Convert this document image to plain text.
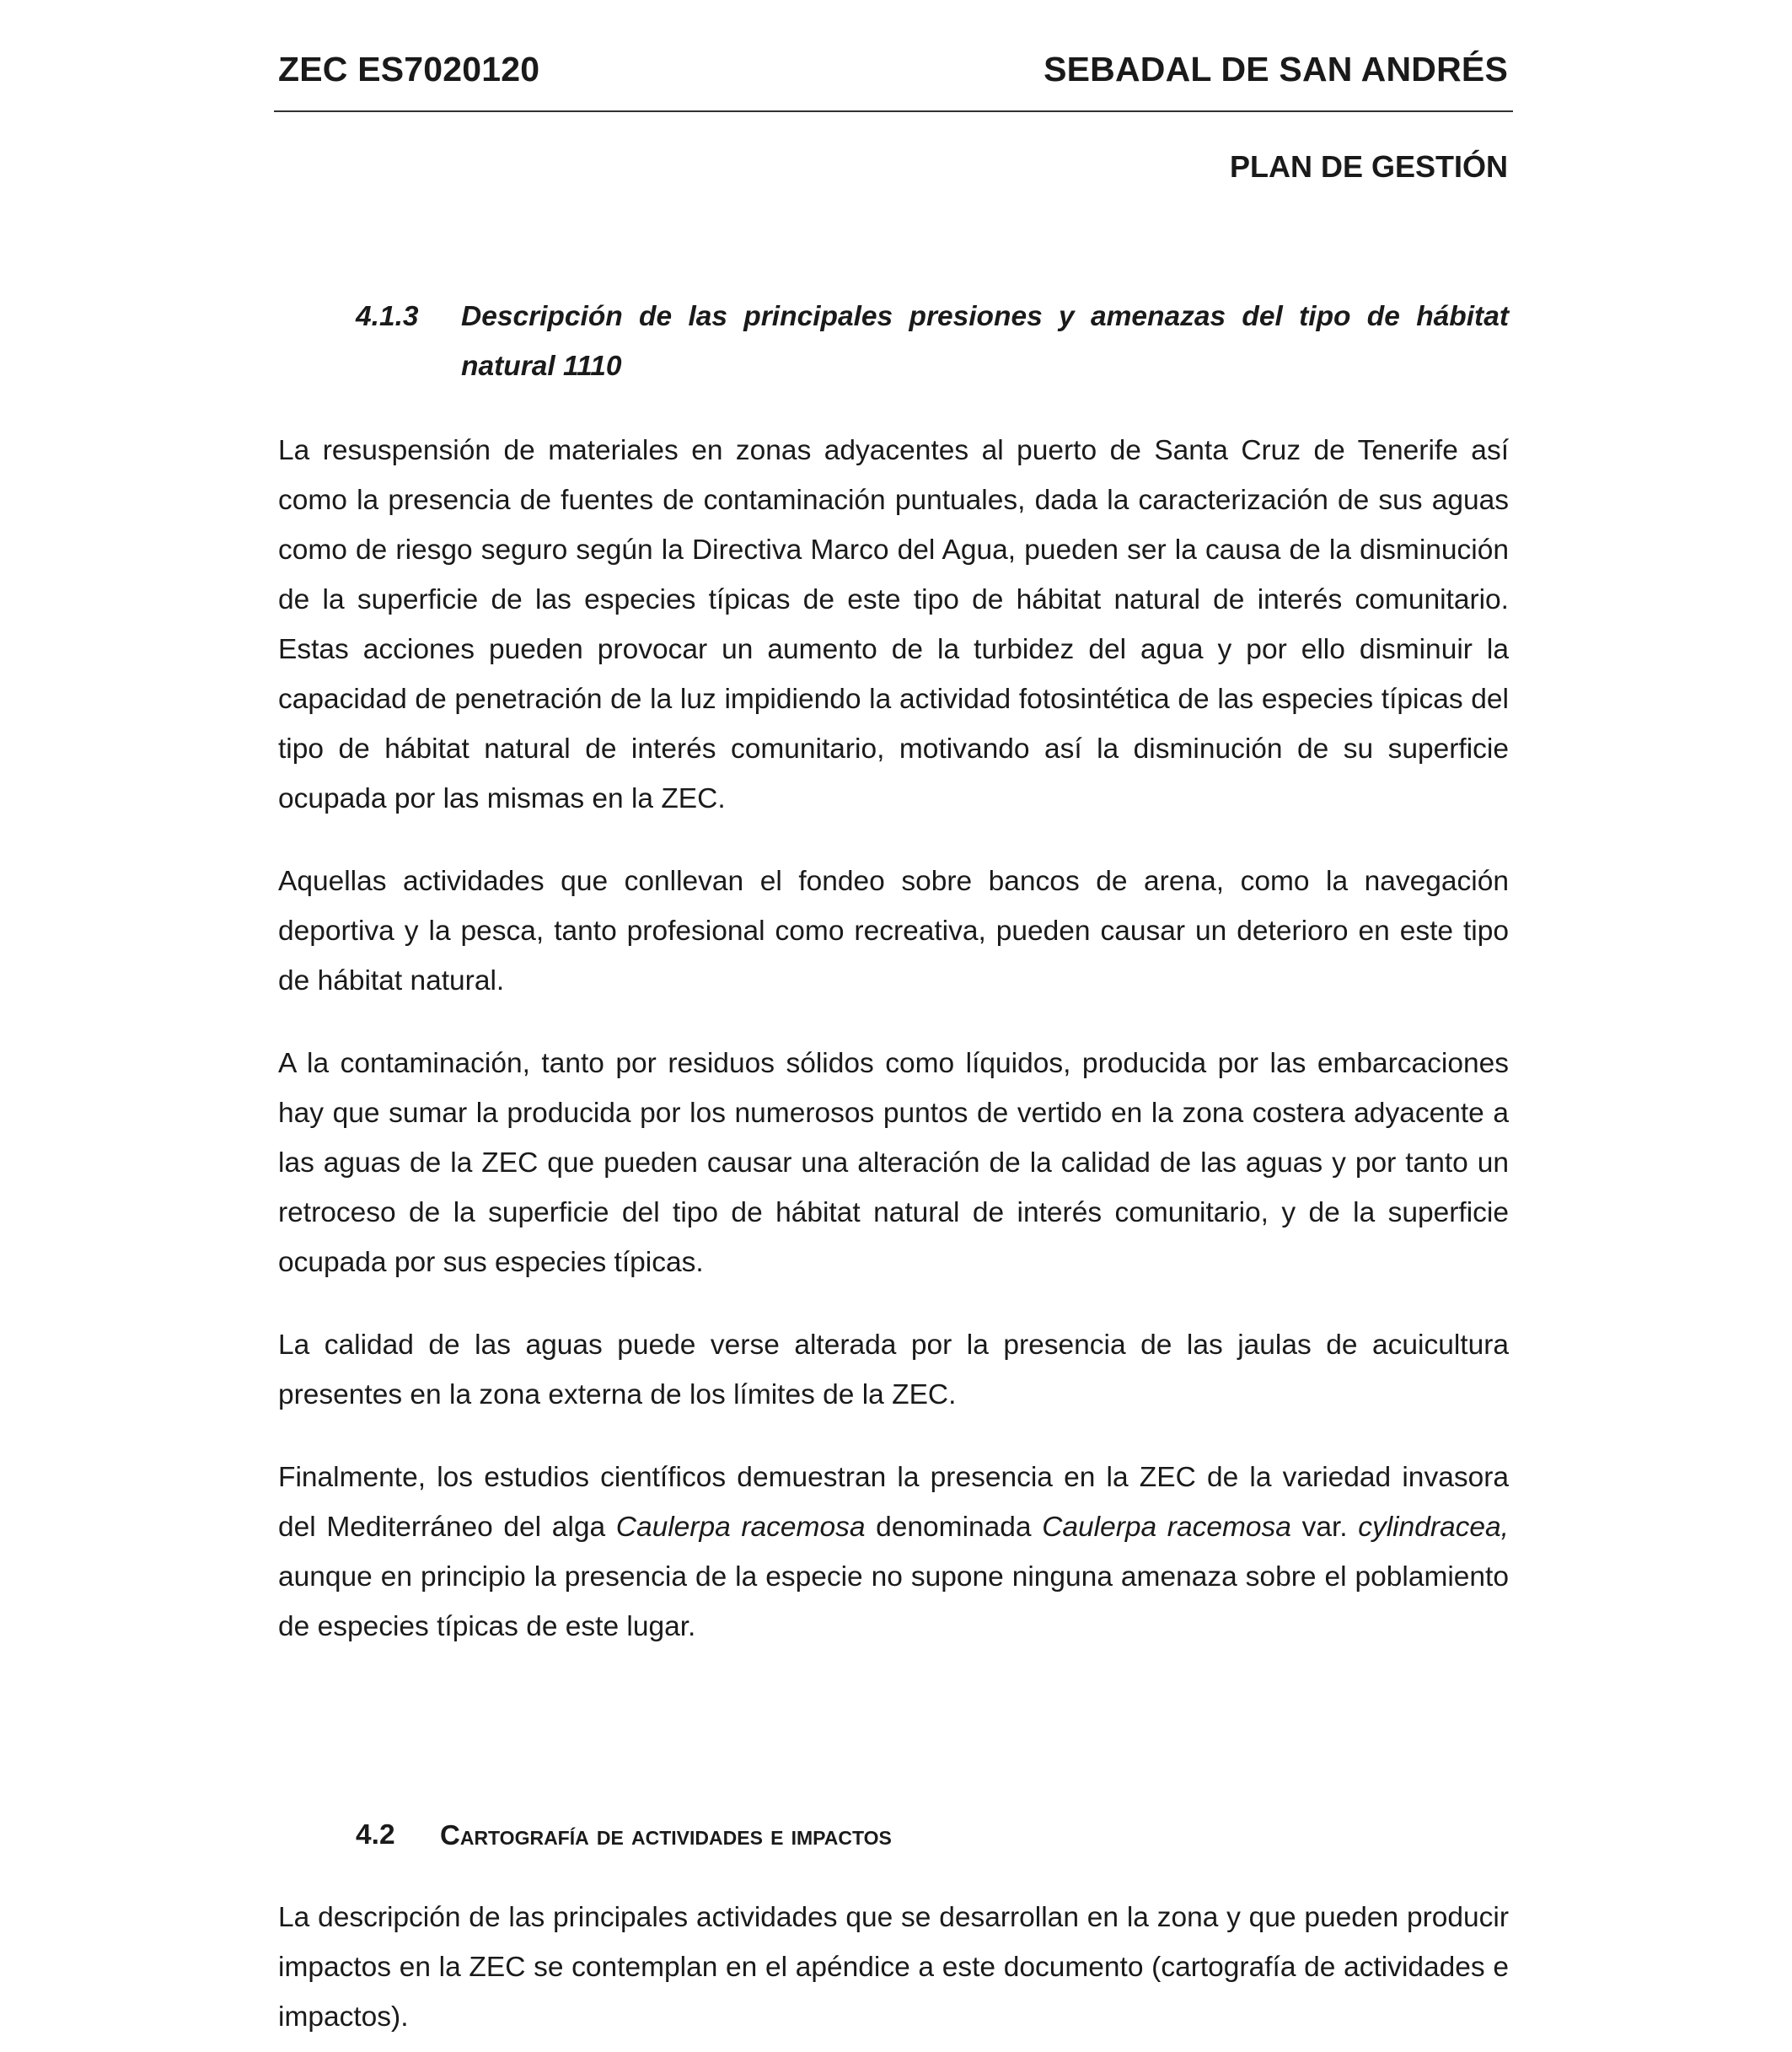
ZEC ES7020120	SEBADAL DE SAN ANDRÉS
PLAN DE GESTIÓN
4.1.3 Descripción de las principales presiones y amenazas del tipo de hábitat natural 1110

La resuspensión de materiales en zonas adyacentes al puerto de Santa Cruz de Tenerife así como la presencia de fuentes de contaminación puntuales, dada la caracterización de sus aguas como de riesgo seguro según la Directiva Marco del Agua, pueden ser la causa de la disminución de la superficie de las especies típicas de este tipo de hábitat natural de interés comunitario. Estas acciones pueden provocar un aumento de la turbidez del agua y por ello disminuir la capacidad de penetración de la luz impidiendo la actividad fotosintética de las especies típicas del tipo de hábitat natural de interés comunitario, motivando así la disminución de su superficie ocupada por las mismas en la ZEC.

Aquellas actividades que conllevan el fondeo sobre bancos de arena, como la navegación deportiva y la pesca, tanto profesional como recreativa, pueden causar un deterioro en este tipo de hábitat natural.

A la contaminación, tanto por residuos sólidos como líquidos, producida por las embarcaciones hay que sumar la producida por los numerosos puntos de vertido en la zona costera adyacente a las aguas de la ZEC que pueden causar una alteración de la calidad de las aguas y por tanto un retroceso de la superficie del tipo de hábitat natural de interés comunitario, y de la superficie ocupada por sus especies típicas.

La calidad de las aguas puede verse alterada por la presencia de las jaulas de acuicultura presentes en la zona externa de los límites de la ZEC.

Finalmente, los estudios científicos demuestran la presencia en la ZEC de la variedad invasora del Mediterráneo del alga Caulerpa racemosa denominada Caulerpa racemosa var. cylindracea, aunque en principio la presencia de la especie no supone ninguna amenaza sobre el poblamiento de especies típicas de este lugar.

4.2 Cartografía de actividades e impactos

La descripción de las principales actividades que se desarrollan en la zona y que pueden producir impactos en la ZEC se contemplan en el apéndice a este documento (cartografía de actividades e impactos).
